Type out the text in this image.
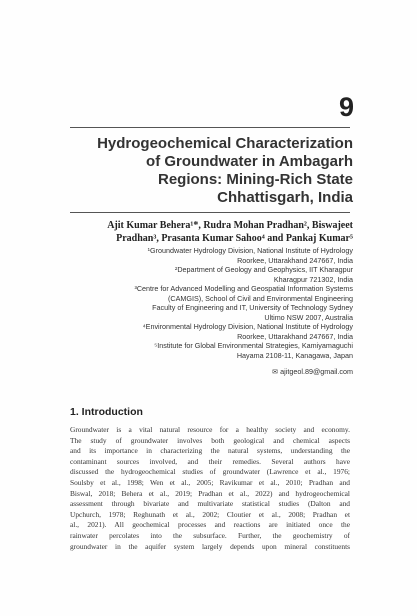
9
Hydrogeochemical Characterization
of Groundwater in Ambagarh
Regions: Mining-Rich State
Chhattisgarh, India
Ajit Kumar Behera¹*, Rudra Mohan Pradhan², Biswajeet
Pradhan³, Prasanta Kumar Sahoo⁴ and Pankaj Kumar⁵
¹Groundwater Hydrology Division, National Institute of Hydrology
Roorkee, Uttarakhand 247667, India
²Department of Geology and Geophysics, IIT Kharagpur
Kharagpur 721302, India
³Centre for Advanced Modelling and Geospatial Information Systems
(CAMGIS), School of Civil and Environmental Engineering
Faculty of Engineering and IT, University of Technology Sydney
Ultimo NSW 2007, Australia
⁴Environmental Hydrology Division, National Institute of Hydrology
Roorkee, Uttarakhand 247667, India
⁵Institute for Global Environmental Strategies, Kamiyamaguchi
Hayama 2108-11, Kanagawa, Japan
✉ ajitgeol.89@gmail.com
1. Introduction
Groundwater is a vital natural resource for a healthy society and economy.
The study of groundwater involves both geological and chemical aspects
and its importance in characterizing the natural systems, understanding the
contaminant sources involved, and their remedies. Several authors have
discussed the hydrogeochemical studies of groundwater (Lawrence et al., 1976;
Soulsby et al., 1998; Wen et al., 2005; Ravikumar et al., 2010; Pradhan and
Biswal, 2018; Behera et al., 2019; Pradhan et al., 2022) and hydrogeochemical
assessment through bivariate and multivariate statistical studies (Dalton and
Upchurch, 1978; Reghunath et al., 2002; Cloutier et al., 2008; Pradhan et
al., 2021). All geochemical processes and reactions are initiated once the
rainwater percolates into the subsurface. Further, the geochemistry of
groundwater in the aquifer system largely depends upon mineral constituents
